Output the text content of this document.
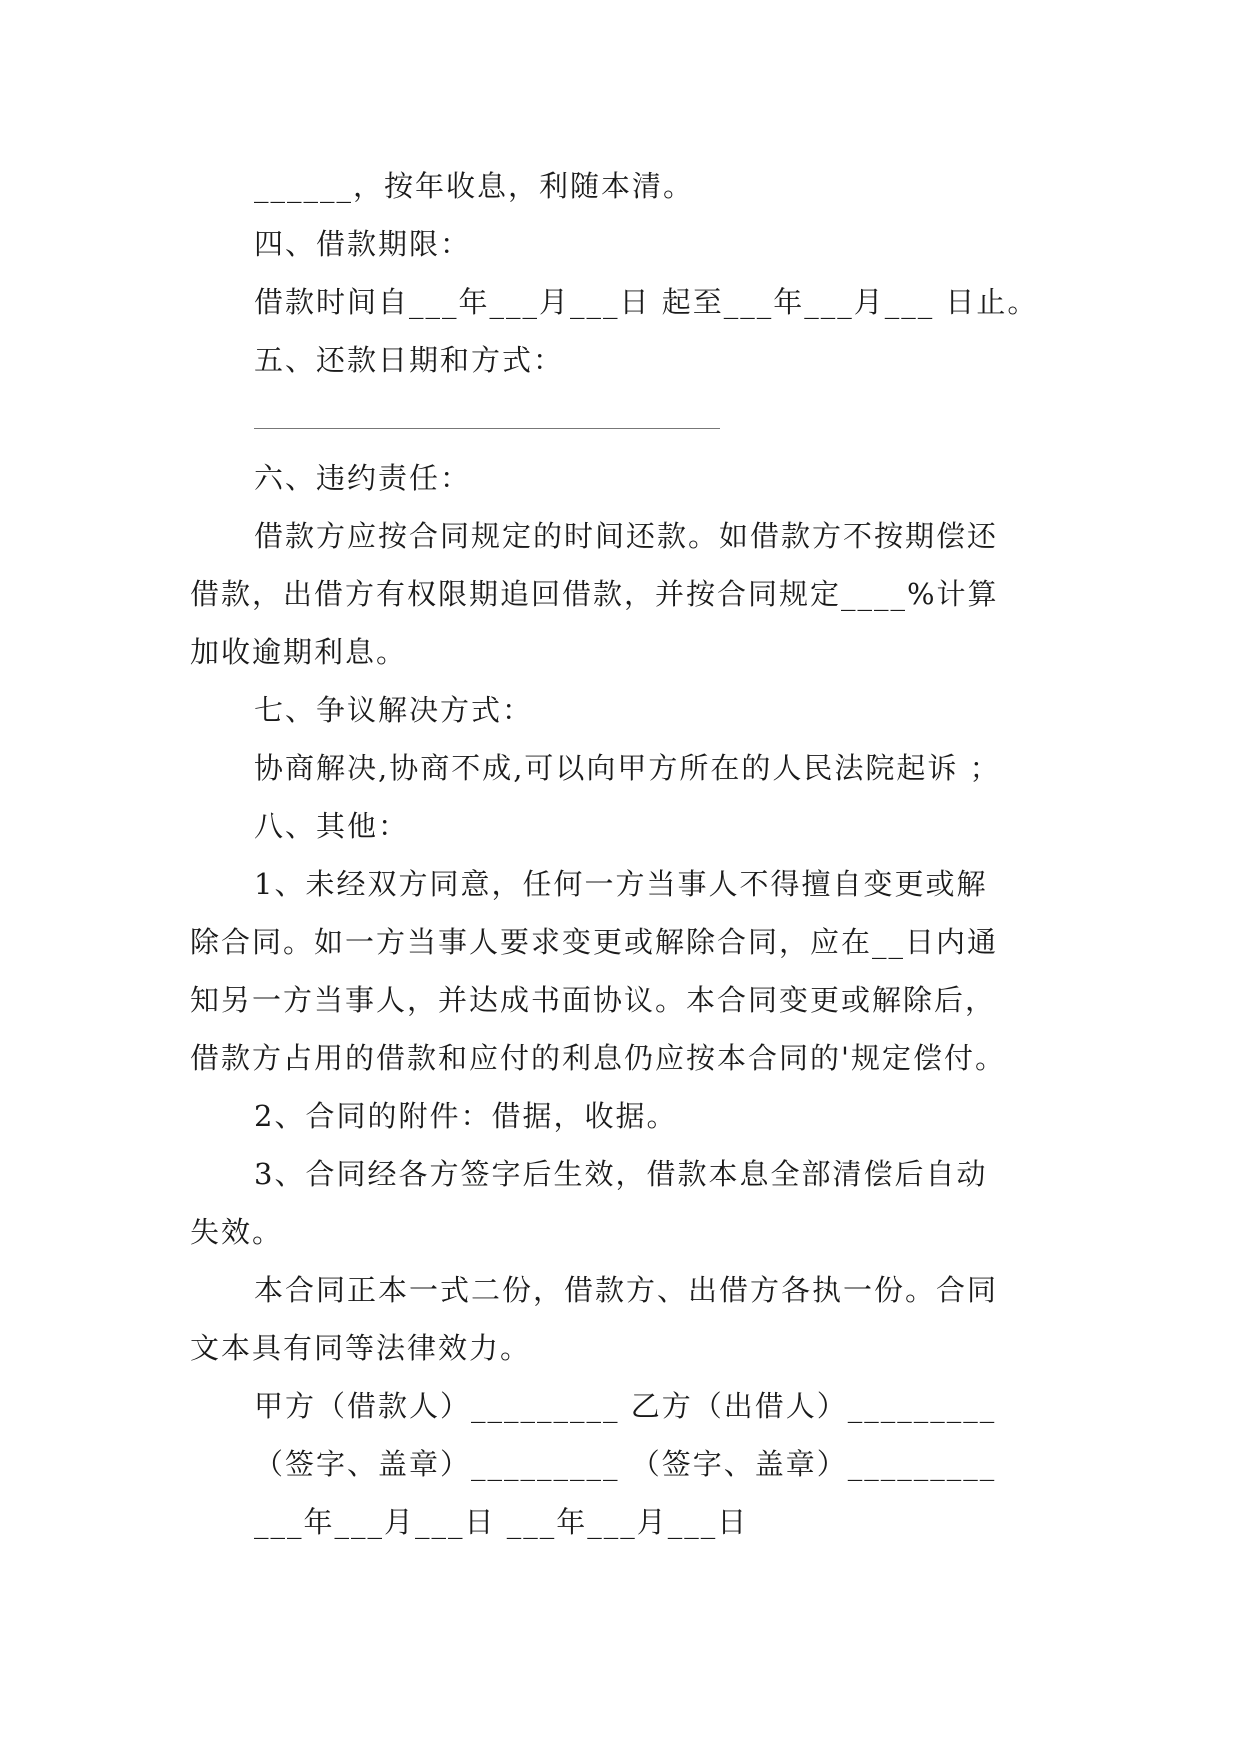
______，按年收息，利随本清。
四、借款期限：
借款时间自___年___月___日 起至___年___月___ 日止。
五、还款日期和方式：
六、违约责任：
借款方应按合同规定的时间还款。如借款方不按期偿还
借款，出借方有权限期追回借款，并按合同规定____%计算
加收逾期利息。
七、争议解决方式：
协商解决,协商不成,可以向甲方所在的人民法院起诉 ；
八、其他：
1、未经双方同意，任何一方当事人不得擅自变更或解
除合同。如一方当事人要求变更或解除合同，应在__日内通
知另一方当事人，并达成书面协议。本合同变更或解除后，
借款方占用的借款和应付的利息仍应按本合同的'规定偿付。
2、合同的附件：借据，收据。
3、合同经各方签字后生效，借款本息全部清偿后自动
失效。
本合同正本一式二份，借款方、出借方各执一份。合同
文本具有同等法律效力。
甲方（借款人）_________ 乙方（出借人）_________
（签字、盖章）_________ （签字、盖章）_________
___年___月___日 ___年___月___日
